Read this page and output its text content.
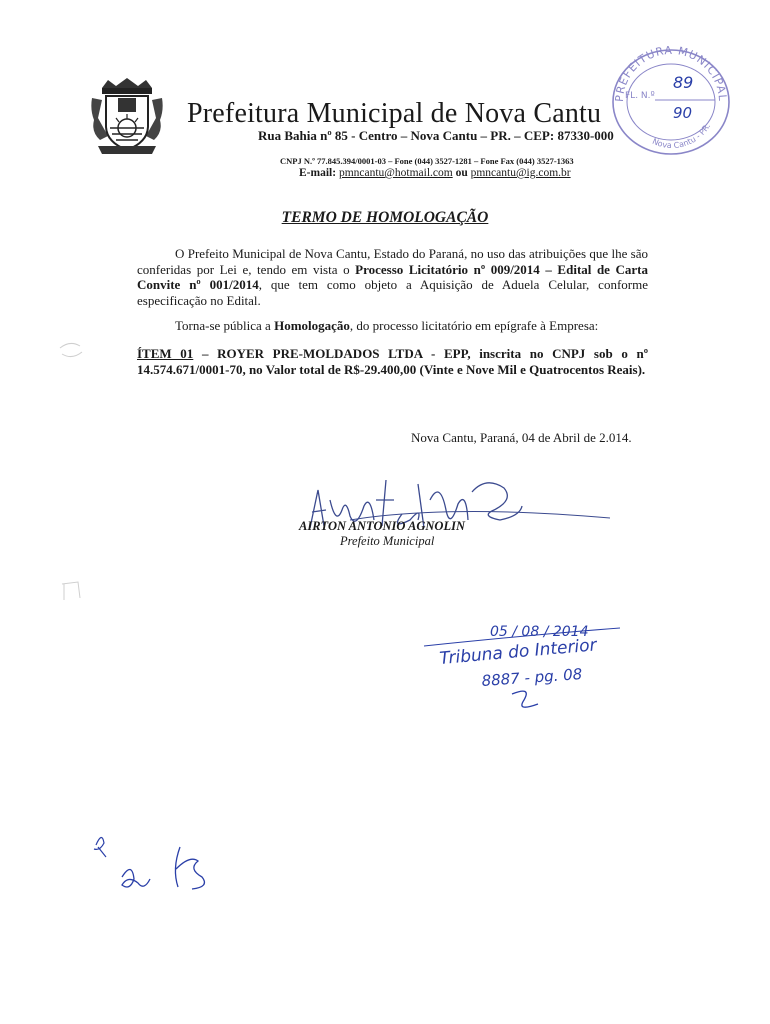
Prefeitura Municipal de Nova Cantu
Rua Bahia nº 85 - Centro – Nova Cantu – PR. – CEP: 87330-000
CNPJ N.º 77.845.394/0001-03 – Fone (044) 3527-1281 – Fone Fax (044) 3527-1363
E-mail: pmncantu@hotmail.com ou pmncantu@ig.com.br
PREFEITURA MUNICIPAL
Nova Cantu - PR.
FL. N.º
89
90
TERMO DE HOMOLOGAÇÃO
O Prefeito Municipal de Nova Cantu, Estado do Paraná, no uso das atribuições que lhe são conferidas por Lei e, tendo em vista o Processo Licitatório nº 009/2014 – Edital de Carta Convite nº 001/2014, que tem como objeto a Aquisição de Aduela Celular, conforme especificação no Edital.
Torna-se pública a Homologação, do processo licitatório em epígrafe à Empresa:
ÍTEM 01 – ROYER PRE-MOLDADOS LTDA - EPP, inscrita no CNPJ sob o nº 14.574.671/0001-70, no Valor total de R$-29.400,00 (Vinte e Nove Mil e Quatrocentos Reais).
Nova Cantu, Paraná, 04 de Abril de 2.014.
AIRTON ANTONIO AGNOLIN
Prefeito Municipal
05 / 08 / 2014
Tribuna do Interior
8887 - pg. 08
